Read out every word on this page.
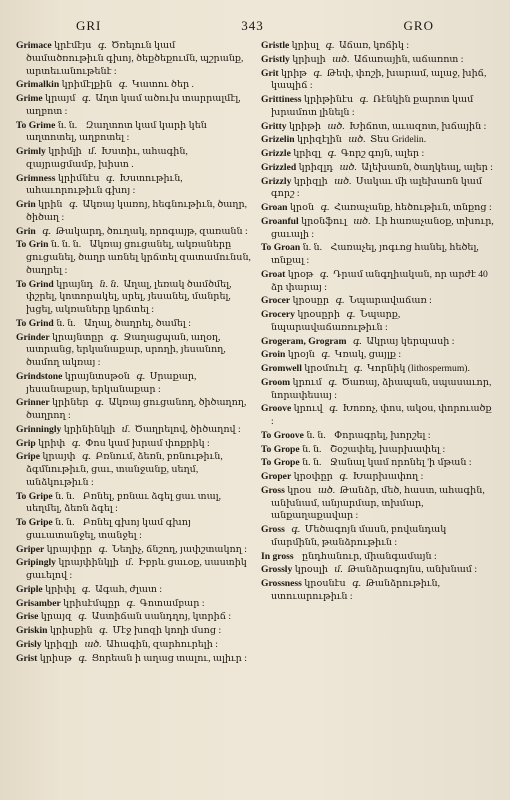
GRI	343	GRO
Grimace կրէմէյս գ. Ծռելուն կամ ծամածռութիւն գխոյ, ծեքծեքումն, պշրանք, արտեւանութենէ :
Grimalkin կրիմէլքին գ. Կատու ծեր .
Grime կրայմ գ. Աղտ կամ ածուխ տարրալմէլ, աղբոտ :
To Grime ն. ն. Զաղտոտ կամ կարի կեն աղտոտել, աղբոտել :
Grimly կրիմլի մ. Խստիւ, ահագին, զայրացմամբ, խիստ .
Grimness կրիմնէս գ. Խստութիւն, ահաւորութիւն գխոյ :
Grin կրին գ. Ակռայ կառոյ, հեգնութիւն, ծաղր, ծիծաղ :
Grin գ. Թակարդ, ծուղակ, որոգայթ, զառանն :
To Grin ն. ն. ն. Ակռայ ցուցանել, ակռաները ցուցանել, ծաղր առնել կրճտել զատամունսն, ծաղրել :
To Grind կրայնդ ն. ն. Աղալ, լեռակ ծամծմել, փշրել, կոտորակել, սրել, յեսանել, մանրել, խցել, ակռաները կրճտել :
To Grind ն. ն. Աղալ, ծաղրել, ծամել :
Grinder կրայնտըր գ. Ջաղացպան, աղօղ, ատրանց, երկանաքար, սրողի, յեսանող, ծամող ակռայ :
Grindstone կրայնտսթօն գ. Սրաքար, յեսանաքար, երկանաքար :
Grinner կրիներ գ. Ակռայ ցուցանող, ծիծաղող, ծաղրող :
Grinningly կրինինկլի մ. Ծաղրելով, ծիծաղով :
Grip կրիփ գ. Փոս կամ խրամ փոքրիկ :
Gripe կրայփ գ. Բռնում, ձեռն, բռնութիւն, ձգմնութիւն, ցաւ, տանջանք, սեղմ, անձկութիւն :
To Gripe ն. ն. Բռնել, բռնաւ ձգել ցաւ տալ, սեղմել, ձեռն ձգել :
To Gripe ն. ն. Բռնել գխոյ կամ գխոյ ցաւատանջել, տանջել :
Griper կրայփըր գ. Նեղիչ, ճնշող, յափշտակող :
Gripingly կրայփինկլի մ. Իբրև ցաւօք, սաստիկ ցաւելով :
Griple կրիփլ գ. Ագահ, ժլատ :
Grisamber կրիսէմպըր գ. Գոտամբար :
Grise կրայզ գ. Աստիճան սանդղոյ, կտրիճ :
Griskin կրիսքին գ. Մէջ խոզի կողի մսոց :
Grisly կրիզլի ած. Ահագին, զարհուրելի :
Grist կրիսթ գ. Ցորեան ի աղաց տալու, ալիւր :
Gristle կրիսլ գ. Աճառ, կռճիկ :
Gristly կրիսլի ած. Աճառային, աճառոտ :
Grit կրիթ գ. Թեփ, փոշի, խարամ, ալաջ, խիճ, կապիճ :
Grittiness կրիթինէս գ. Ռէնկին քարոտ կամ խրամոտ լինելն :
Gritty կրիթի ած. Խիճոտ, աւազոտ, խճային :
Grizelin կրիզէլին ած. Տես Gridelin.
Grizzle կրիզլ գ. Գորշ գոյն, ալեր :
Grizzled կրիզլդ ած. Ալեխառն, ծաղկեալ, ալեր :
Grizzly կրիզլի ած. Սակաւ մի ալեխառն կամ գորշ :
Groan կրօն գ. Հառաչանք, հեծութիւն, տնքոց :
Groanful կրօնֆուլ ած. Լի հառաչանօք, տխուր, ցաւալի :
To Groan ն. ն. Հառաչել, յոգւոց հանել, հեծել, տնքալ :
Groat կրօթ գ. Դրամ անգղիական, որ արժէ 40 ձր փարայ :
Grocer կրօսըր գ. Նպարավաճառ :
Grocery կրօսըրի գ. Նպարք, նպարավաճառութիւն :
Grogeram, Grogram գ. Ակրայ կերպասի :
Groin կրօյն գ. Կռակ, ցայլք :
Gromwell կրօմուէլ գ. Կորնիկ (lithospermum).
Groom կրում գ. Ծառայ, ձիապան, սպասաւոր, նորափեսայ :
Groove կրուվ գ. Խոռոչ, փոս, ակօս, փորուածք :
To Groove ն. ն. Փորագրել, խորշել :
To Grope ն. ն. Շօշափել, խարխափել :
To Grope ն. ն. Ջանալ կամ որոնել 'ի մթան :
Groper կրօփըր գ. Խարխափող :
Gross կրօս ած. Թանձր, մեծ, հաստ, ահագին, անխնամ, անյարմար, տխմար, անքաղաքավար :
Gross գ. Մեծագոյն մասն, բովանդակ մարմինն, թանձրութիւն :
In gross ընդհանուր, միանգամայն :
Grossly կրօսլի մ. Թանձրագոյնս, անխնամ :
Grossness կրօսնէս գ. Թանձրութիւն, ստուարութիւն :
